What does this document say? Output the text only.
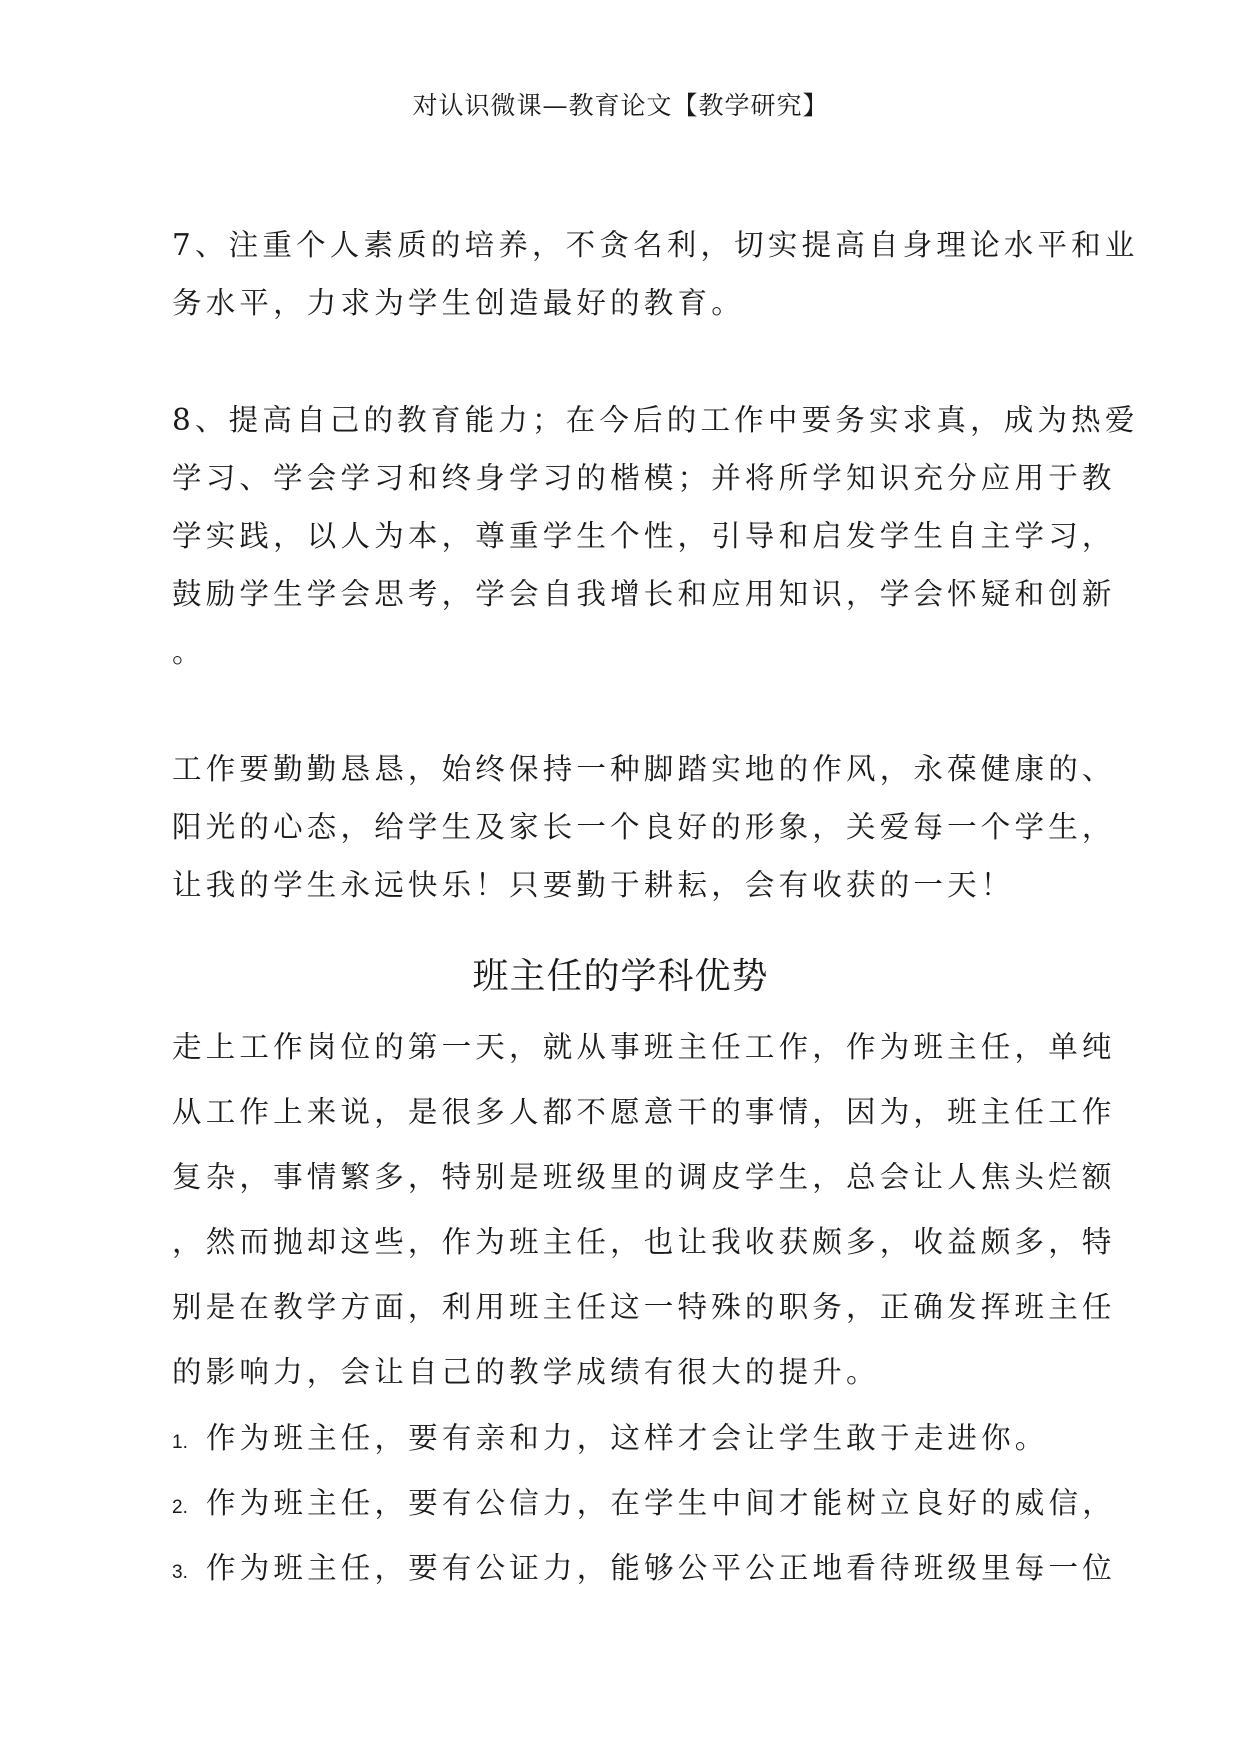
对认识微课—教育论文【教学研究】
7、注重个人素质的培养，不贪名利，切实提高自身理论水平和业
务水平，力求为学生创造最好的教育。
8、提高自己的教育能力；在今后的工作中要务实求真，成为热爱
学习、学会学习和终身学习的楷模；并将所学知识充分应用于教
学实践，以人为本，尊重学生个性，引导和启发学生自主学习，
鼓励学生学会思考，学会自我增长和应用知识，学会怀疑和创新
。
工作要勤勤恳恳，始终保持一种脚踏实地的作风，永葆健康的、
阳光的心态，给学生及家长一个良好的形象，关爱每一个学生，
让我的学生永远快乐！只要勤于耕耘，会有收获的一天！
班主任的学科优势
走上工作岗位的第一天，就从事班主任工作，作为班主任，单纯
从工作上来说，是很多人都不愿意干的事情，因为，班主任工作
复杂，事情繁多，特别是班级里的调皮学生，总会让人焦头烂额
，然而抛却这些，作为班主任，也让我收获颇多，收益颇多，特
别是在教学方面，利用班主任这一特殊的职务，正确发挥班主任
的影响力，会让自己的教学成绩有很大的提升。
1. 作为班主任，要有亲和力，这样才会让学生敢于走进你。
2. 作为班主任，要有公信力，在学生中间才能树立良好的威信，
3. 作为班主任，要有公证力，能够公平公正地看待班级里每一位
